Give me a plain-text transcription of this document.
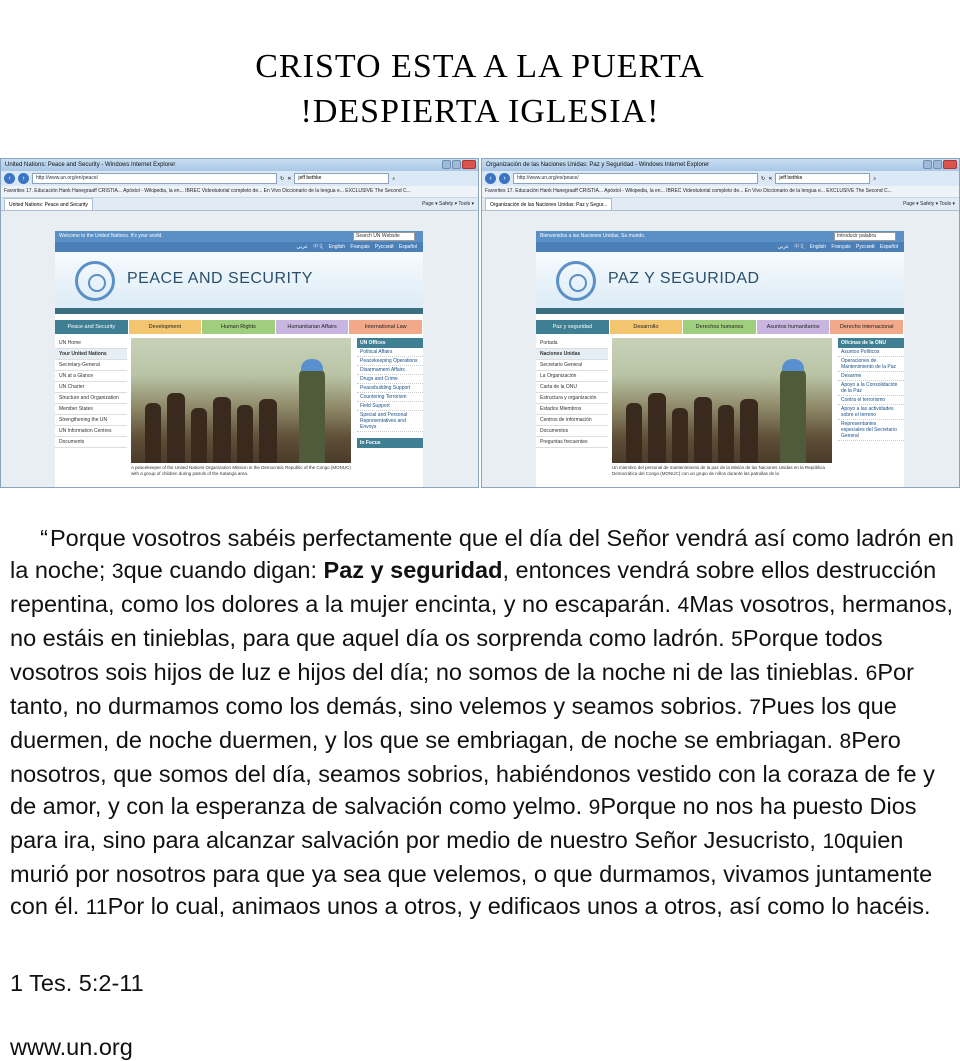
CRISTO ESTA A LA PUERTA
!DESPIERTA IGLESIA!
United Nations: Peace and Security - Windows Internet Explorer
‹	›	http://www.un.org/en/peace/	↻ ✕	jeff bethke	⌕
Favorites 17. Educación Hank Hanegraaff CRISTIA... Apóstol - Wikipedia, la en... IBREC Videotutorial completo de... En Vivo Diccionario de la lengua e... EXCLUSIVE The Second C...
United Nations: Peace and Security	Page ▾ Safety ▾ Tools ▾
Welcome to the United Nations. It's your world.	Search UN Website
عربي 中文 English Français Русский Español
PEACE AND SECURITY
Peace and Security	Development	Human Rights	Humanitarian Affairs	International Law
UN Home
Your United Nations
Secretary-General
UN at a Glance
UN Charter
Structure and Organization
Member States
Strengthening the UN
UN Information Centres
Documents
UN Offices
Political Affairs
Peacekeeping Operations
Disarmament Affairs
Drugs and Crime
Peacebuilding Support
Countering Terrorism
Field Support
Special and Personal Representatives and Envoys
In Focus
A peacekeeper of the United Nations Organization Mission in the Democratic Republic of the Congo (MONUC) with a group of children during patrols of the Katanga area.
Organización de las Naciones Unidas: Paz y Seguridad - Windows Internet Explorer
‹	›	http://www.un.org/es/peace/	↻ ✕	jeff bethke	⌕
Favorites 17. Educación Hank Hanegraaff CRISTIA... Apóstol - Wikipedia, la en... IBREC Videotutorial completo de... En Vivo Diccionario de la lengua e... EXCLUSIVE The Second C...
Organización de las Naciones Unidas: Paz y Segur...	Page ▾ Safety ▾ Tools ▾
Bienvenidos a las Naciones Unidas. Su mundo.	Introducir palabra
عربي 中文 English Français Русский Español
PAZ Y SEGURIDAD
Paz y seguridad	Desarrollo	Derechos humanos	Asuntos humanitarios	Derecho internacional
Portada
Naciones Unidas
Secretario General
La Organización
Carta de la ONU
Estructura y organización
Estados Miembros
Centros de información
Documentos
Preguntas frecuentes
Oficinas de la ONU
Asuntos Políticos
Operaciones de Mantenimiento de la Paz
Desarme
Apoyo a la Consolidación de la Paz
Contra el terrorismo
Apoyo a las actividades sobre el terreno
Representantes especiales del Secretario General
Un miembro del personal de mantenimiento de la paz de la Misión de las Naciones Unidas en la República Democrática del Congo (MONUC) con un grupo de niños durante las patrullas de la

“Porque vosotros sabéis perfectamente que el día del Señor vendrá así como ladrón en la noche; 3que cuando digan: Paz y seguridad, entonces vendrá sobre ellos destrucción repentina, como los dolores a la mujer encinta, y no escaparán. 4Mas vosotros, hermanos, no estáis en tinieblas, para que aquel día os sorprenda como ladrón. 5Porque todos vosotros sois hijos de luz e hijos del día; no somos de la noche ni de las tinieblas. 6Por tanto, no durmamos como los demás, sino velemos y seamos sobrios. 7Pues los que duermen, de noche duermen, y los que se embriagan, de noche se embriagan. 8Pero nosotros, que somos del día, seamos sobrios, habiéndonos vestido con la coraza de fe y de amor, y con la esperanza de salvación como yelmo. 9Porque no nos ha puesto Dios para ira, sino para alcanzar salvación por medio de nuestro Señor Jesucristo, 10quien murió por nosotros para que ya sea que velemos, o que durmamos, vivamos juntamente con él. 11Por lo cual, animaos unos a otros, y edificaos unos a otros, así como lo hacéis.

1 Tes. 5:2-11
www.un.org
